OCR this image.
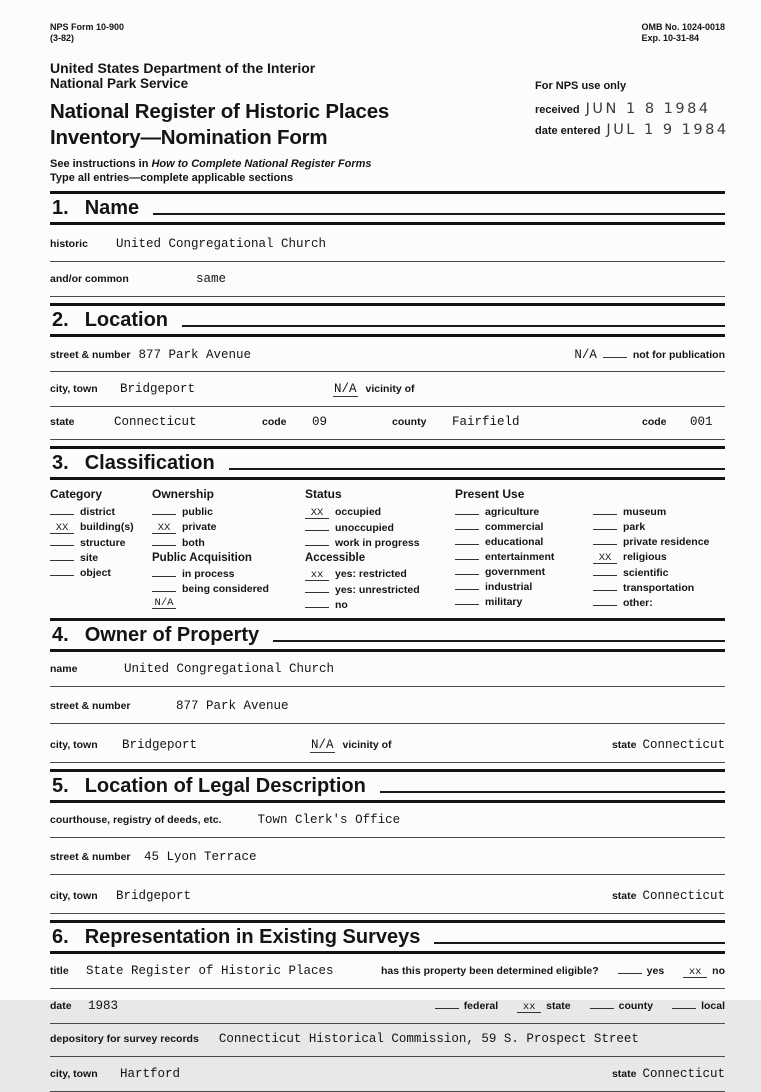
NPS Form 10-900
(3-82)
OMB No. 1024-0018
Exp. 10-31-84
United States Department of the Interior
National Park Service	For NPS use only
National Register of Historic Places
Inventory—Nomination Form
received JUN 1 8 1984
date entered JUL 1 9 1984
See instructions in How to Complete National Register Forms
Type all entries—complete applicable sections
1. Name
historic	United Congregational Church
and/or common	same
2. Location
street & number 877 Park Avenue	N/A	not for publication
city, town	Bridgeport	N/A vicinity of
state	Connecticut	code	09	county	Fairfield	code	001
3. Classification
Category
district
XX	building(s)
structure
site
object
Ownership
public
XX	private
both
Public Acquisition
in process
being considered
N/A
Status
XX	occupied
unoccupied
work in progress
Accessible
xx	yes: restricted
yes: unrestricted
no
Present Use
agriculture
commercial
educational
entertainment
government
industrial
military
museum
park
private residence
XX	religious
scientific
transportation
other:
4. Owner of Property
name	United Congregational Church
street & number	877 Park Avenue
city, town	Bridgeport	N/A vicinity of	state Connecticut
5. Location of Legal Description
courthouse, registry of deeds, etc.	Town Clerk's Office
street & number	45 Lyon Terrace
city, town	Bridgeport	state Connecticut
6. Representation in Existing Surveys
title	State Register of Historic Places	has this property been determined eligible?	yes	xx	no
date	1983	federal	xx	state	county	local
depository for survey records Connecticut Historical Commission, 59 S. Prospect Street
city, town	Hartford	state Connecticut
